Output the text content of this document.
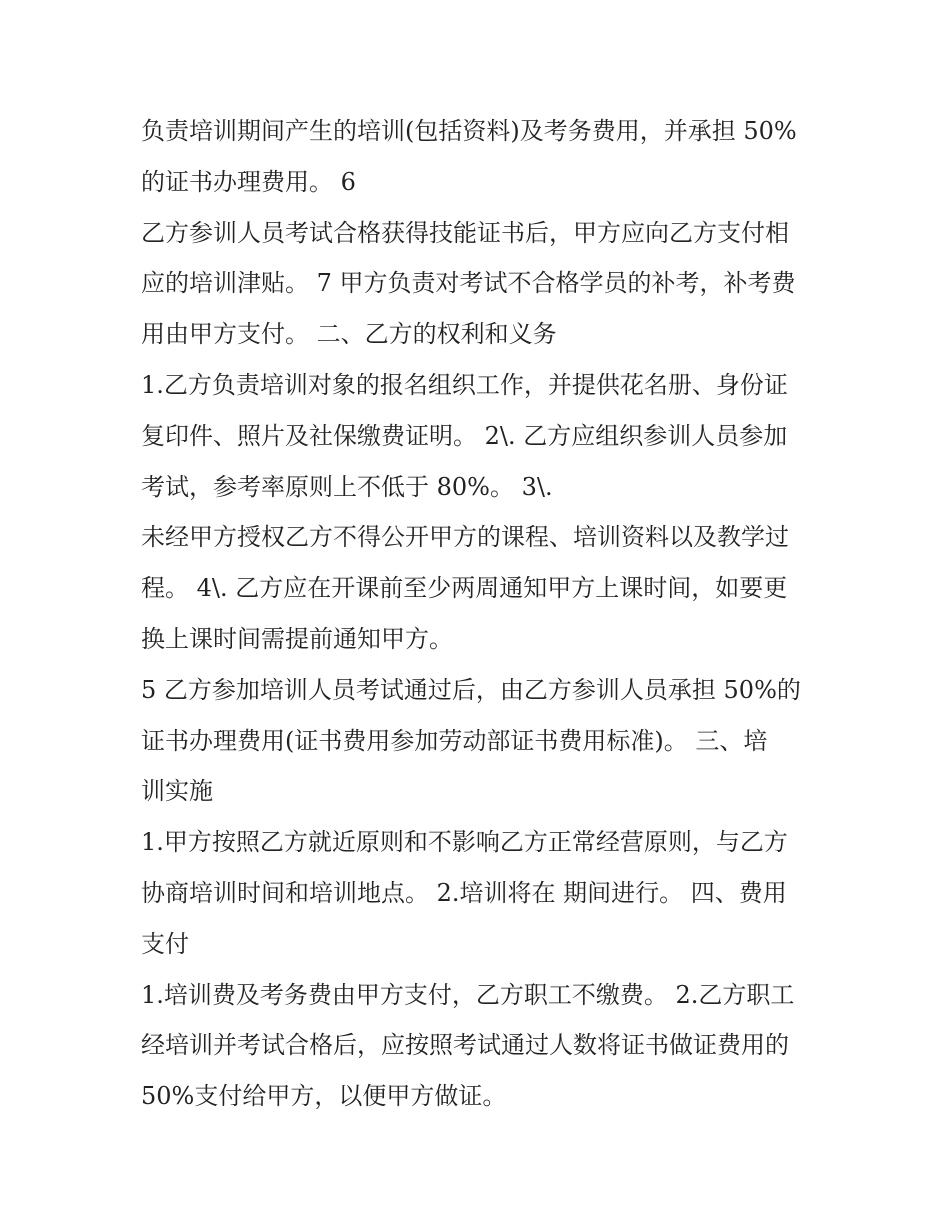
负责培训期间产生的培训(包括资料)及考务费用，并承担 50%
的证书办理费用。 6
乙方参训人员考试合格获得技能证书后，甲方应向乙方支付相
应的培训津贴。 7 甲方负责对考试不合格学员的补考，补考费
用由甲方支付。 二、乙方的权利和义务
1.乙方负责培训对象的报名组织工作，并提供花名册、身份证
复印件、照片及社保缴费证明。 2\. 乙方应组织参训人员参加
考试，参考率原则上不低于 80%。 3\.
未经甲方授权乙方不得公开甲方的课程、培训资料以及教学过
程。 4\. 乙方应在开课前至少两周通知甲方上课时间，如要更
换上课时间需提前通知甲方。
5 乙方参加培训人员考试通过后，由乙方参训人员承担 50%的
证书办理费用(证书费用参加劳动部证书费用标准)。 三、培
训实施
1.甲方按照乙方就近原则和不影响乙方正常经营原则，与乙方
协商培训时间和培训地点。 2.培训将在 期间进行。 四、费用
支付
1.培训费及考务费由甲方支付，乙方职工不缴费。 2.乙方职工
经培训并考试合格后，应按照考试通过人数将证书做证费用的
50%支付给甲方，以便甲方做证。
